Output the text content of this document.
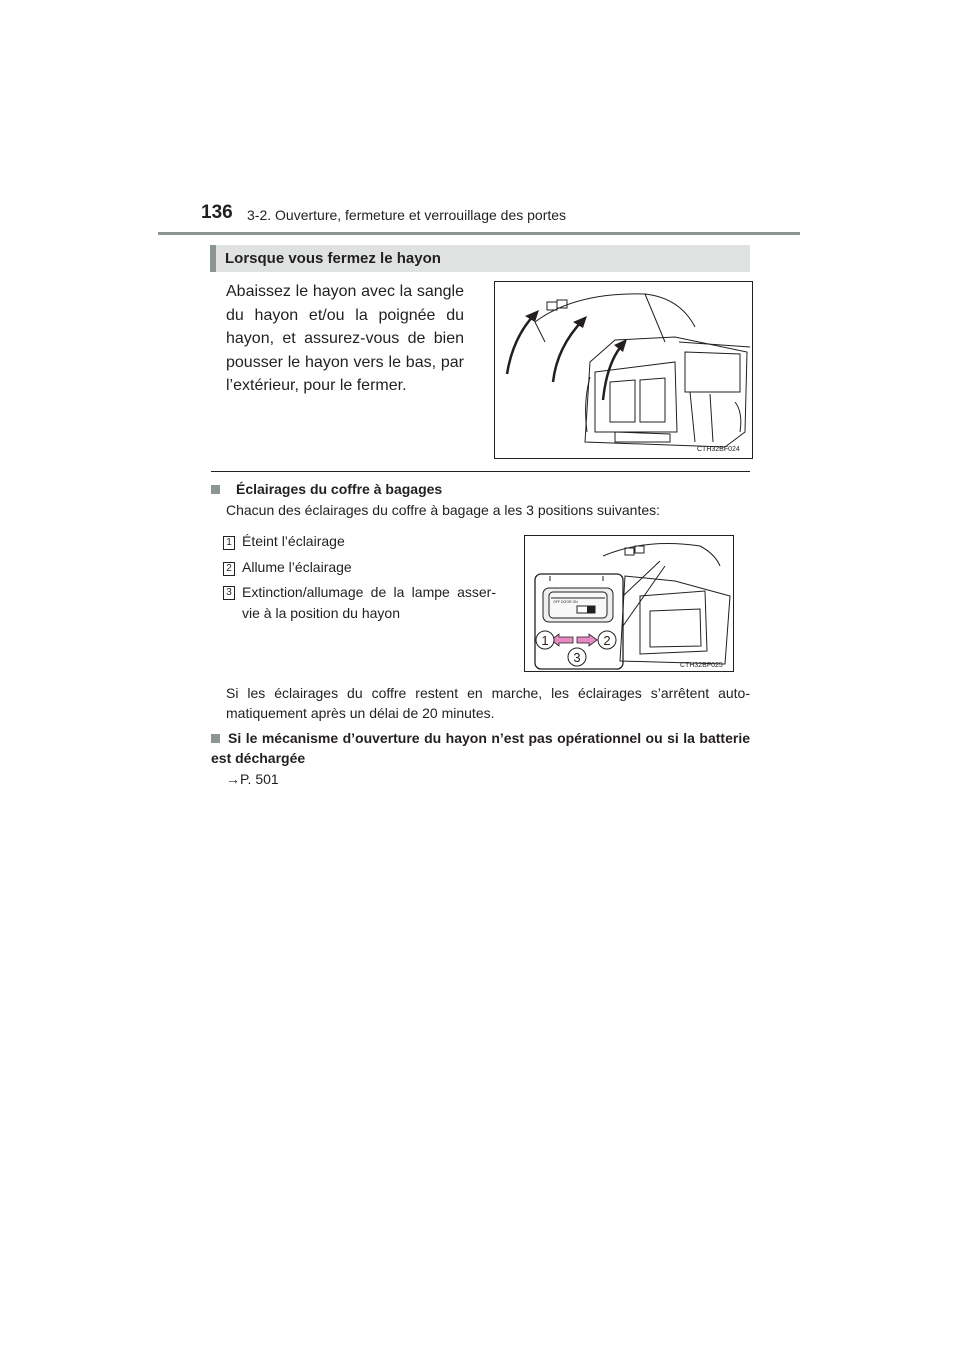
136 3-2. Ouverture, fermeture et verrouillage des portes
Lorsque vous fermez le hayon
Abaissez le hayon avec la sangle du hayon et/ou la poignée du hayon, et assurez-vous de bien pousser le hayon vers le bas, par l’extérieur, pour le fermer.
CTH32BF024
Éclairages du coffre à bagages
Chacun des éclairages du coffre à bagage a les 3 positions suivantes:
1 Éteint l’éclairage
2 Allume l’éclairage
3 Extinction/allumage de la lampe asser-vie à la position du hayon
1	2
3
OFF DOOR ON
CTH32BF025
Si les éclairages du coffre restent en marche, les éclairages s’arrêtent auto-matiquement après un délai de 20 minutes.
Si le mécanisme d’ouverture du hayon n’est pas opérationnel ou si la batterie est déchargée
→P. 501
